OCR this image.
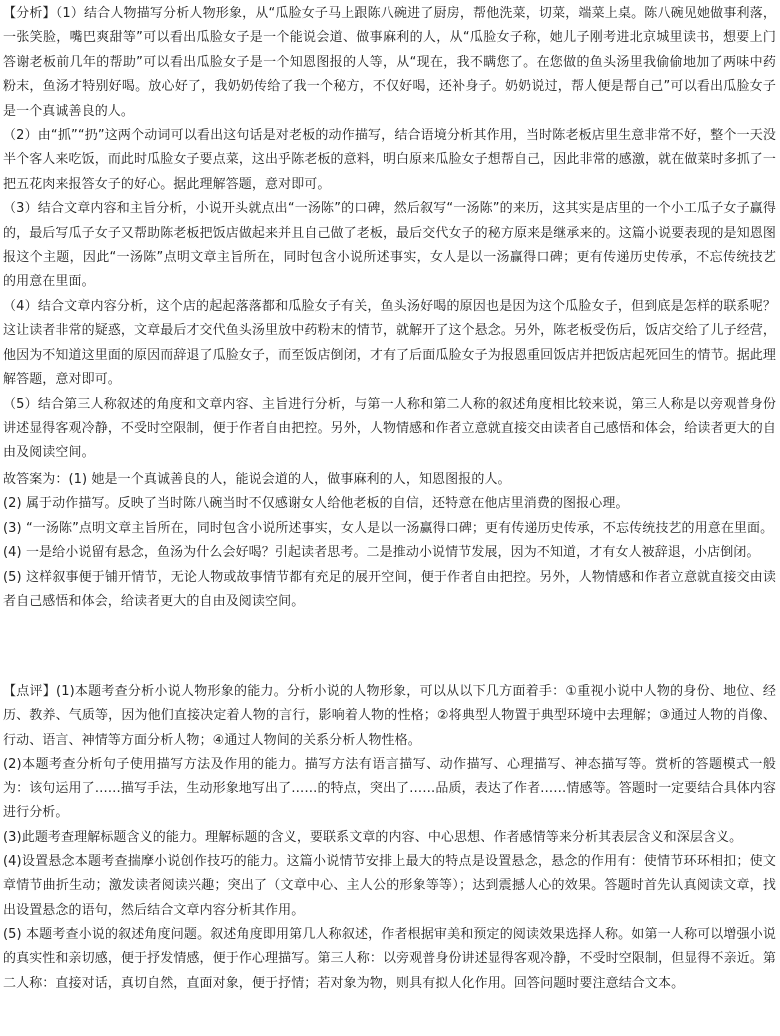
【分析】（1）结合人物描写分析人物形象，从“瓜脸女子马上跟陈八碗进了厨房，帮他洗菜，切菜，端菜上桌。陈八碗见她做事利落，一张笑脸，嘴巴爽甜等”可以看出瓜脸女子是一个能说会道、做事麻利的人，从“瓜脸女子称，她儿子刚考进北京城里读书，想要上门答谢老板前几年的帮助”可以看出瓜脸女子是一个知恩图报的人等，从“现在，我不瞒您了。在您做的鱼头汤里我偷偷地加了两味中药粉末，鱼汤才特别好喝。放心好了，我奶奶传给了我一个秘方，不仅好喝，还补身子。奶奶说过，帮人便是帮自己”可以看出瓜脸女子是一个真诚善良的人。

（2）由“抓”“扔”这两个动词可以看出这句话是对老板的动作描写，结合语境分析其作用，当时陈老板店里生意非常不好，整个一天没半个客人来吃饭，而此时瓜脸女子要点菜，这出乎陈老板的意料，明白原来瓜脸女子想帮自己，因此非常的感激，就在做菜时多抓了一把五花肉来报答女子的好心。据此理解答题，意对即可。

（3）结合文章内容和主旨分析，小说开头就点出“一汤陈”的口碑，然后叙写“一汤陈”的来历，这其实是店里的一个小工瓜子女子赢得的，最后写瓜子女子又帮助陈老板把饭店做起来并且自己做了老板，最后交代女子的秘方原来是继承来的。这篇小说要表现的是知恩图报这个主题，因此“一汤陈”点明文章主旨所在，同时包含小说所述事实，女人是以一汤赢得口碑；更有传递历史传承，不忘传统技艺的用意在里面。

（4）结合文章内容分析，这个店的起起落落都和瓜脸女子有关，鱼头汤好喝的原因也是因为这个瓜脸女子，但到底是怎样的联系呢？这让读者非常的疑惑，文章最后才交代鱼头汤里放中药粉末的情节，就解开了这个悬念。另外，陈老板受伤后，饭店交给了儿子经营，他因为不知道这里面的原因而辞退了瓜脸女子，而至饭店倒闭，才有了后面瓜脸女子为报恩重回饭店并把饭店起死回生的情节。据此理解答题，意对即可。

（5）结合第三人称叙述的角度和文章内容、主旨进行分析，与第一人称和第二人称的叙述角度相比较来说，第三人称是以旁观普身份讲述显得客观冷静，不受时空限制，便于作者自由把控。另外，人物情感和作者立意就直接交由读者自己感悟和体会，给读者更大的自由及阅读空间。

故答案为：(1) 她是一个真诚善良的人，能说会道的人，做事麻利的人，知恩图报的人。

(2) 属于动作描写。反映了当时陈八碗当时不仅感谢女人给他老板的自信，还特意在他店里消费的图报心理。

(3) “一汤陈”点明文章主旨所在，同时包含小说所述事实，女人是以一汤赢得口碑；更有传递历史传承，不忘传统技艺的用意在里面。

(4) 一是给小说留有悬念，鱼汤为什么会好喝？引起读者思考。二是推动小说情节发展，因为不知道，才有女人被辞退，小店倒闭。

(5) 这样叙事便于铺开情节，无论人物或故事情节都有充足的展开空间，便于作者自由把控。另外，人物情感和作者立意就直接交由读者自己感悟和体会，给读者更大的自由及阅读空间。

【点评】(1)本题考查分析小说人物形象的能力。分析小说的人物形象，可以从以下几方面着手：①重视小说中人物的身份、地位、经历、教养、气质等，因为他们直接决定着人物的言行，影响着人物的性格；②将典型人物置于典型环境中去理解；③通过人物的肖像、行动、语言、神情等方面分析人物；④通过人物间的关系分析人物性格。

(2)本题考查分析句子使用描写方法及作用的能力。描写方法有语言描写、动作描写、心理描写、神态描写等。赏析的答题模式一般为：该句运用了……描写手法，生动形象地写出了……的特点，突出了……品质，表达了作者……情感等。答题时一定要结合具体内容进行分析。

(3)此题考查理解标题含义的能力。理解标题的含义，要联系文章的内容、中心思想、作者感情等来分析其表层含义和深层含义。

(4)设置悬念本题考查揣摩小说创作技巧的能力。这篇小说情节安排上最大的特点是设置悬念，悬念的作用有：使情节环环相扣；使文章情节曲折生动；激发读者阅读兴趣；突出了（文章中心、主人公的形象等等）；达到震撼人心的效果。答题时首先认真阅读文章，找出设置悬念的语句，然后结合文章内容分析其作用。

(5) 本题考查小说的叙述角度问题。叙述角度即用第几人称叙述，作者根据审美和预定的阅读效果选择人称。如第一人称可以增强小说的真实性和亲切感，便于抒发情感，便于作心理描写。第三人称：以旁观普身份讲述显得客观冷静，不受时空限制，但显得不亲近。第二人称：直接对话，真切自然，直面对象，便于抒情；若对象为物，则具有拟人化作用。回答问题时要注意结合文本。
